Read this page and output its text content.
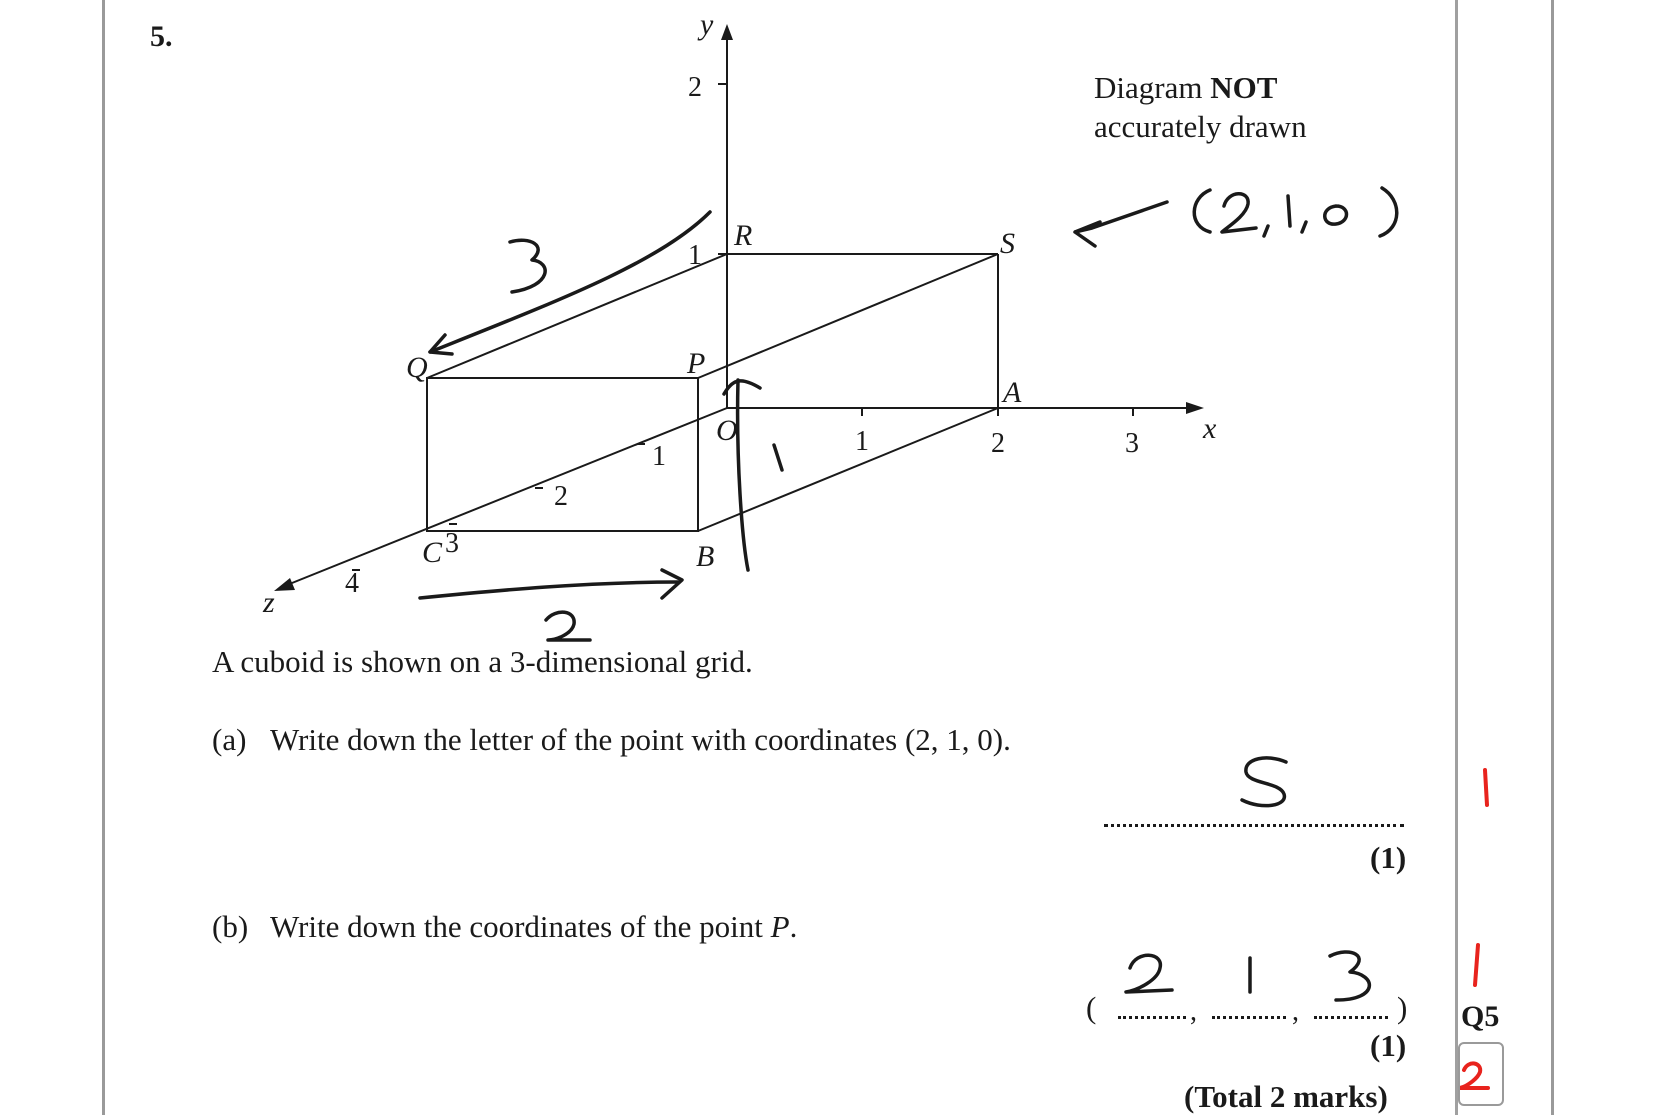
5.
Diagram NOT
accurately drawn
2
1
1	2	3
1
2
3
4
x
y
z
R	S
Q	P
A
O
C	B
A cuboid is shown on a 3-dimensional grid.
(a) Write down the letter of the point with coordinates (2, 1, 0).
(1)
(b) Write down the coordinates of the point P.
(	,	,	)
(1)
(Total 2 marks)
Q5
